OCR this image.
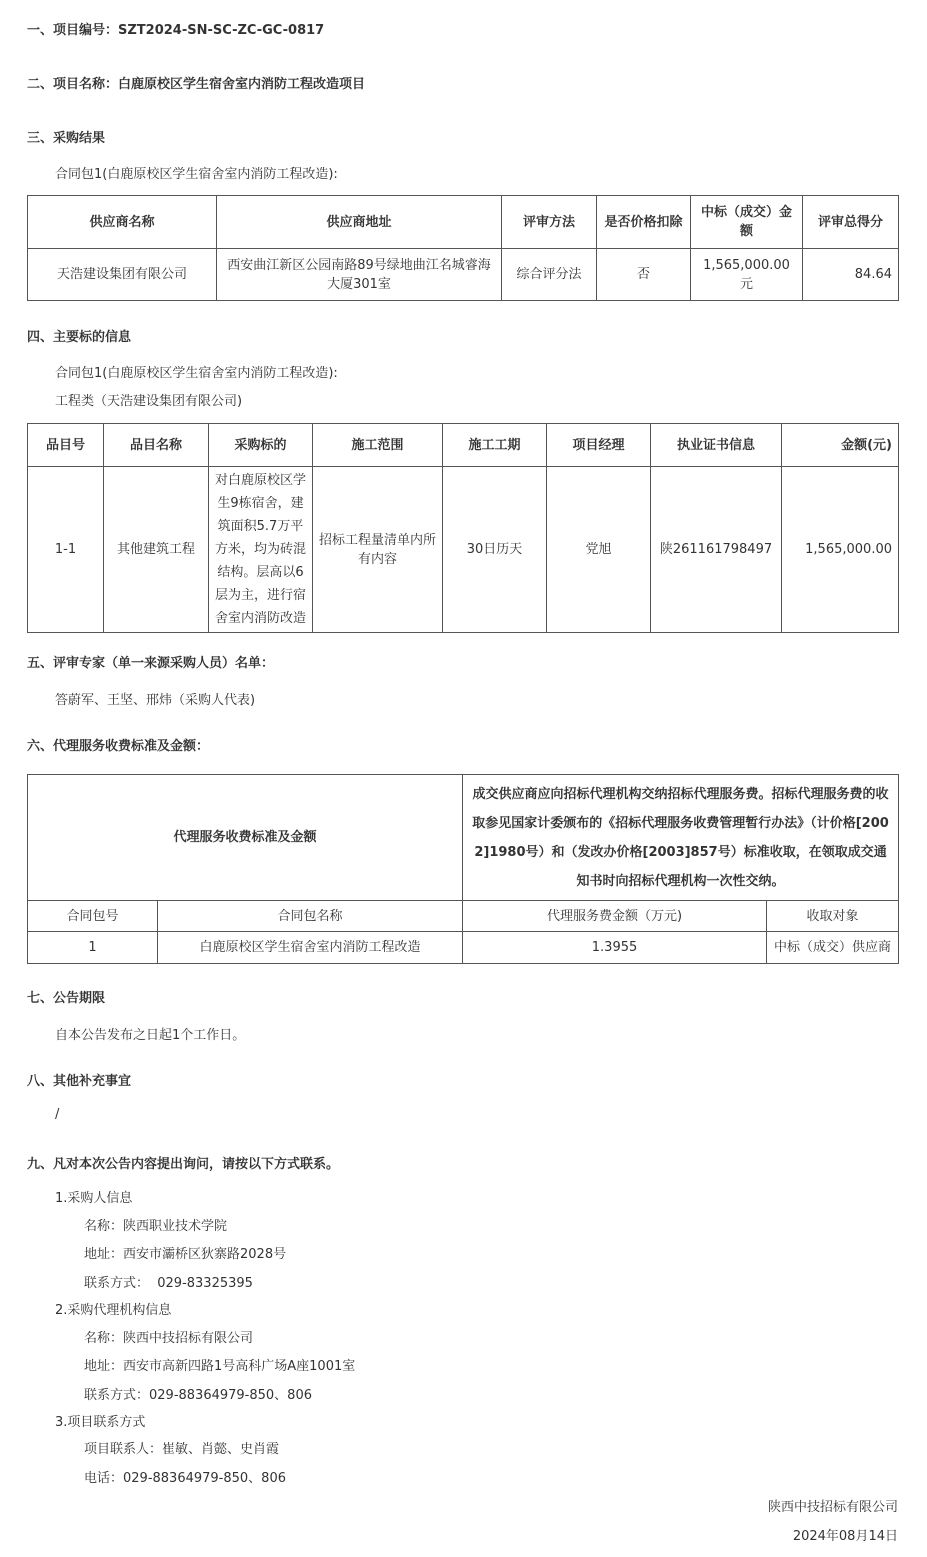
一、项目编号：SZT2024-SN-SC-ZC-GC-0817
二、项目名称：白鹿原校区学生宿舍室内消防工程改造项目
三、采购结果
合同包1(白鹿原校区学生宿舍室内消防工程改造):
供应商名称	供应商地址	评审方法	是否价格扣除	中标（成交）金额	评审总得分
天浩建设集团有限公司	西安曲江新区公园南路89号绿地曲江名城睿海大厦301室	综合评分法	否	1,565,000.00元	84.64
四、主要标的信息
合同包1(白鹿原校区学生宿舍室内消防工程改造):
工程类（天浩建设集团有限公司)
品目号	品目名称	采购标的	施工范围	施工工期	项目经理	执业证书信息	金额(元)
1-1	其他建筑工程	对白鹿原校区学生9栋宿舍，建筑面积5.7万平方米，均为砖混结构。层高以6层为主，进行宿舍室内消防改造	招标工程量清单内所有内容	30日历天	党旭	陕261161798497	1,565,000.00
五、评审专家（单一来源采购人员）名单：
答蔚军、王坚、邢炜（采购人代表)
六、代理服务收费标准及金额：
代理服务收费标准及金额		成交供应商应向招标代理机构交纳招标代理服务费。招标代理服务费的收取参见国家计委颁布的《招标代理服务收费管理暂行办法》（计价格[2002]1980号）和（发改办价格[2003]857号）标准收取，在领取成交通知书时向招标代理机构一次性交纳。	
合同包号	合同包名称	代理服务费金额（万元)	收取对象
1	白鹿原校区学生宿舍室内消防工程改造	1.3955	中标（成交）供应商
七、公告期限
自本公告发布之日起1个工作日。
八、其他补充事宜
/
九、凡对本次公告内容提出询问，请按以下方式联系。
1.采购人信息
名称：陕西职业技术学院
地址：西安市灞桥区狄寨路2028号
联系方式：  029-83325395
2.采购代理机构信息
名称：陕西中技招标有限公司
地址：西安市高新四路1号高科广场A座1001室
联系方式：029-88364979-850、806
3.项目联系方式
项目联系人：崔敏、肖懿、史肖霞
电话：029-88364979-850、806
陕西中技招标有限公司
2024年08月14日
